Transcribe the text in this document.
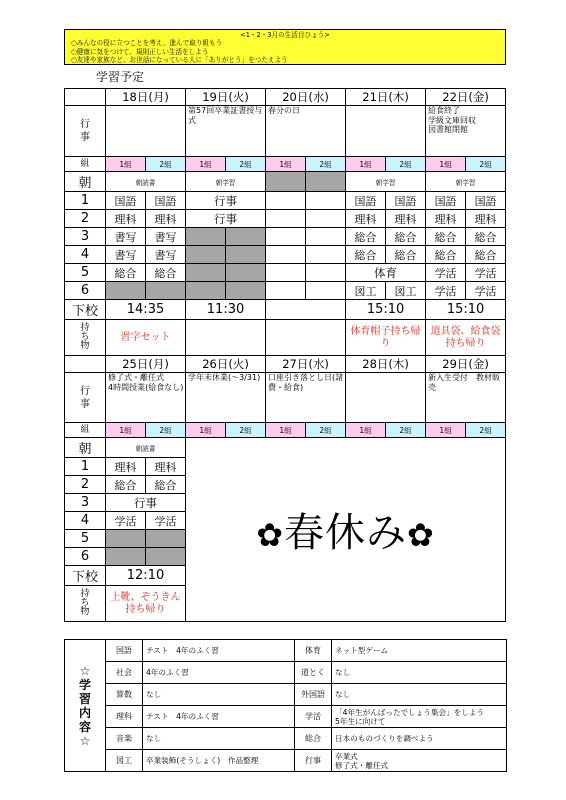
<1・2・3月の生活目ひょう>
○みんなの役に立つことを考え、進んで取り組もう
○健康に気をつけて、規則正しい生活をしよう
○友達や家族など、お世話になっている人に「ありがとう」をつたえよう
学習予定
	18日(月)		19日(火)		20日(水)		21日(木)		22日(金)	
行事			第57回卒業証書授与式		春分の日				給食終了
学級文庫回収
図書館閉館	
組	1組	2組	1組	2組	1組	2組	1組	2組	1組	2組
朝	朝読書		朝学習				朝学習		朝学習	
1	国語	国語	行事				国語	国語	国語	国語
2	理科	理科	行事				理科	理科	理科	理科
3	書写	書写					総合	総合	総合	総合
4	書写	書写					総合	総合	総合	総合
5	総合	総合					体育		学活	学活
6							図工	図工	学活	学活
下校	14:35		11:30				15:10		15:10	
持ち物	習字セット						体育帽子持ち帰り		道具袋、給食袋持ち帰り	
	25日(月)		26日(火)		27日(水)		28日(木)		29日(金)	
行事	修了式・離任式
4時間授業(給食なし)		学年末休業(～3/31)		口座引き落とし日(諸費・給食)				新入生受付　教材販売	
組	1組	2組	1組	2組	1組	2組	1組	2組	1組	2組
朝	朝読書		✿春休み✿							
1	理科	理科								
2	総合	総合								
3	行事									
4	学活	学活								
5										
6										
下校	12:10									
持ち物	上靴、ぞうきん持ち帰り									
☆学習内容☆	国語	テスト　4年のふく習	体育	ネット型ゲーム
	社会	4年のふく習	道とく	なし
	算数	なし	外国語	なし
	理科	テスト　4年のふく習	学活	「4年生がんばったでしょう集会」をしよう
5年生に向けて
	音楽	なし	総合	日本のものづくりを調べよう
	図工	卒業装飾(そうしょく)　作品整理	行事	卒業式
修了式・離任式
